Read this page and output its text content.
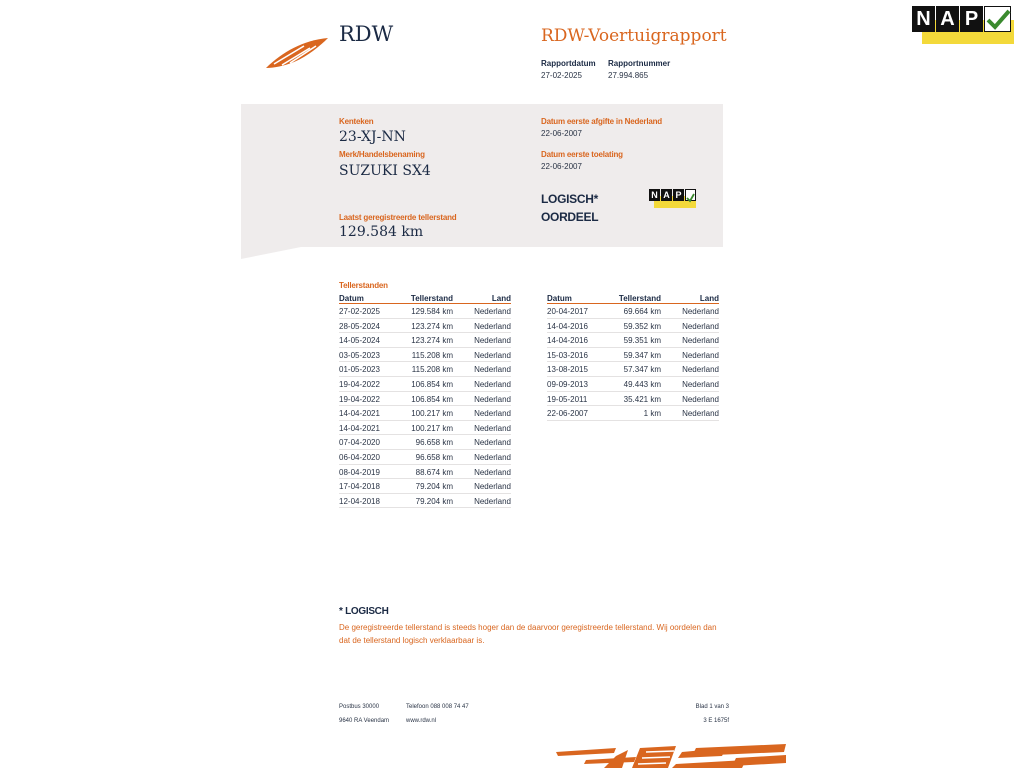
N A P
RDW	RDW-Voertuigrapport
Rapportdatum
27-02-2025
Rapportnummer
27.994.865
Kenteken
23-XJ-NN
Merk/Handelsbenaming
SUZUKI SX4
Datum eerste afgifte in Nederland
22-06-2007
Datum eerste toelating
22-06-2007
LOGISCH*
OORDEEL
N A P
Laatst geregistreerde tellerstand
129.584 km
Tellerstanden
Datum	Tellerstand	Land
27-02-2025	129.584 km	Nederland
28-05-2024	123.274 km	Nederland
14-05-2024	123.274 km	Nederland
03-05-2023	115.208 km	Nederland
01-05-2023	115.208 km	Nederland
19-04-2022	106.854 km	Nederland
19-04-2022	106.854 km	Nederland
14-04-2021	100.217 km	Nederland
14-04-2021	100.217 km	Nederland
07-04-2020	96.658 km	Nederland
06-04-2020	96.658 km	Nederland
08-04-2019	88.674 km	Nederland
17-04-2018	79.204 km	Nederland
12-04-2018	79.204 km	Nederland
Datum	Tellerstand	Land
20-04-2017	69.664 km	Nederland
14-04-2016	59.352 km	Nederland
14-04-2016	59.351 km	Nederland
15-03-2016	59.347 km	Nederland
13-08-2015	57.347 km	Nederland
09-09-2013	49.443 km	Nederland
19-05-2011	35.421 km	Nederland
22-06-2007	1 km	Nederland
* LOGISCH
De geregistreerde tellerstand is steeds hoger dan de daarvoor geregistreerde tellerstand. Wij oordelen dan
dat de tellerstand logisch verklaarbaar is.
Postbus 30000
9640 RA Veendam
Telefoon 088 008 74 47
www.rdw.nl
Blad 1 van 3
3 E 1675f
